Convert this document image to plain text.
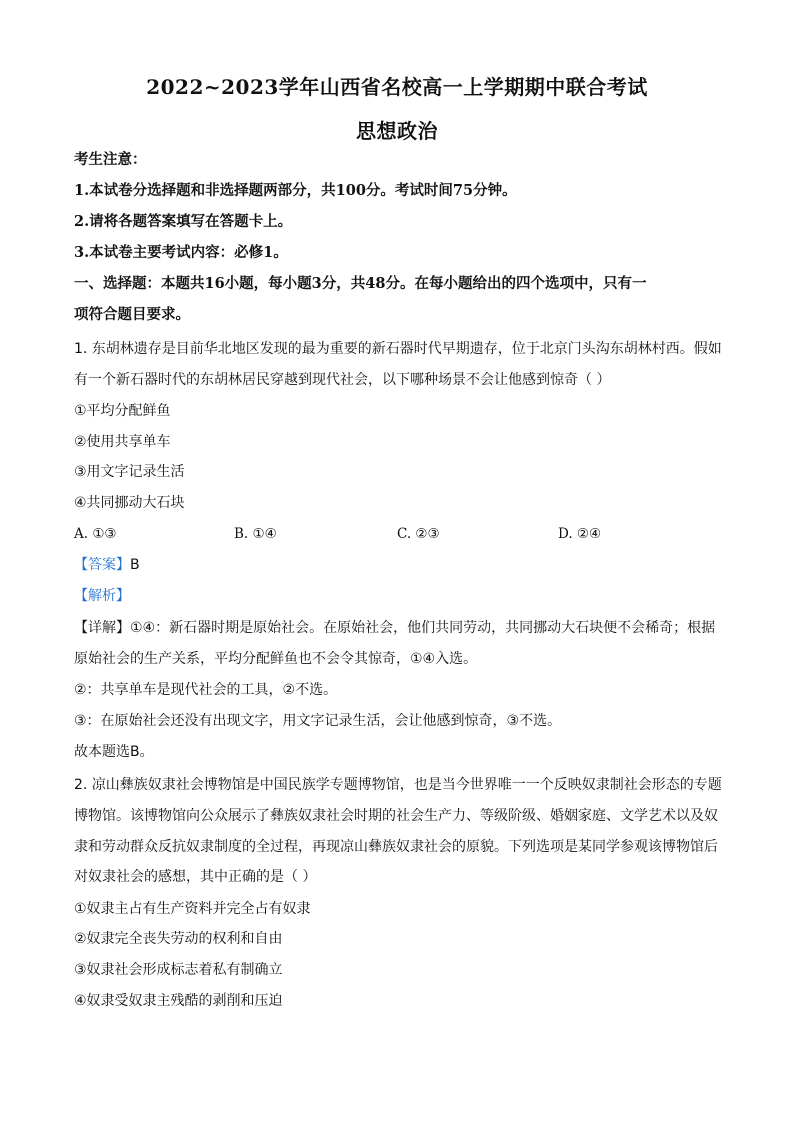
2022~2023学年山西省名校高一上学期期中联合考试
思想政治
考生注意：
1.本试卷分选择题和非选择题两部分，共100分。考试时间75分钟。
2.请将各题答案填写在答题卡上。
3.本试卷主要考试内容：必修1。
一、选择题：本题共16小题，每小题3分，共48分。在每小题给出的四个选项中，只有一
项符合题目要求。
1. 东胡林遗存是目前华北地区发现的最为重要的新石器时代早期遗存，位于北京门头沟东胡林村西。假如
有一个新石器时代的东胡林居民穿越到现代社会，以下哪种场景不会让他感到惊奇（ ）
①平均分配鲜鱼
②使用共享单车
③用文字记录生活
④共同挪动大石块
A. ①③	B. ①④	C. ②③	D. ②④
【答案】B
【解析】
【详解】①④：新石器时期是原始社会。在原始社会，他们共同劳动，共同挪动大石块便不会稀奇；根据
原始社会的生产关系，平均分配鲜鱼也不会令其惊奇，①④入选。
②：共享单车是现代社会的工具，②不选。
③：在原始社会还没有出现文字，用文字记录生活，会让他感到惊奇，③不选。
故本题选B。
2. 凉山彝族奴隶社会博物馆是中国民族学专题博物馆，也是当今世界唯一一个反映奴隶制社会形态的专题
博物馆。该博物馆向公众展示了彝族奴隶社会时期的社会生产力、等级阶级、婚姻家庭、文学艺术以及奴
隶和劳动群众反抗奴隶制度的全过程，再现凉山彝族奴隶社会的原貌。下列选项是某同学参观该博物馆后
对奴隶社会的感想，其中正确的是（ ）
①奴隶主占有生产资料并完全占有奴隶
②奴隶完全丧失劳动的权利和自由
③奴隶社会形成标志着私有制确立
④奴隶受奴隶主残酷的剥削和压迫
